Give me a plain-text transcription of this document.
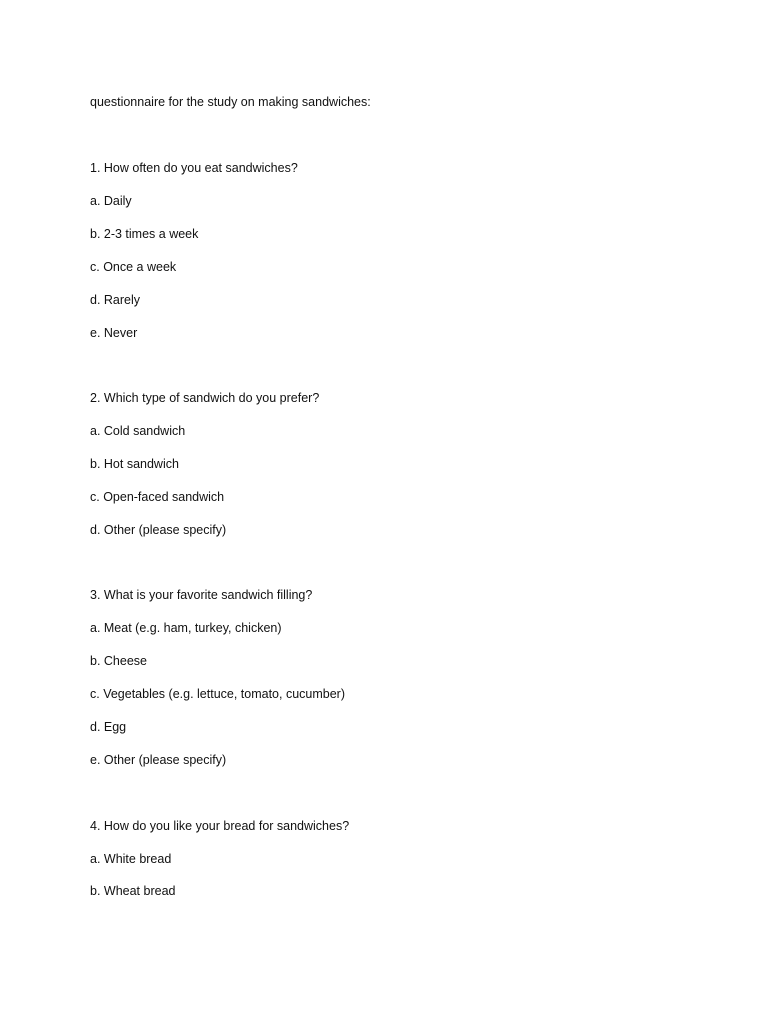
questionnaire for the study on making sandwiches:
1. How often do you eat sandwiches?
a. Daily
b. 2-3 times a week
c. Once a week
d. Rarely
e. Never
2. Which type of sandwich do you prefer?
a. Cold sandwich
b. Hot sandwich
c. Open-faced sandwich
d. Other (please specify)
3. What is your favorite sandwich filling?
a. Meat (e.g. ham, turkey, chicken)
b. Cheese
c. Vegetables (e.g. lettuce, tomato, cucumber)
d. Egg
e. Other (please specify)
4. How do you like your bread for sandwiches?
a. White bread
b. Wheat bread
